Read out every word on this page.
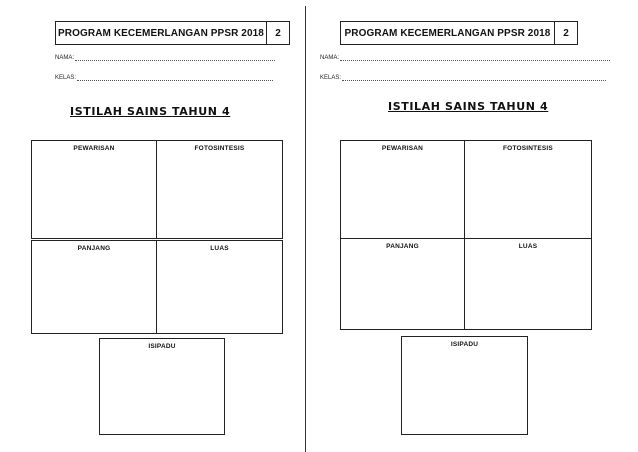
PROGRAM KECEMERLANGAN PPSR 2018	2
NAMA:
KELAS:
ISTILAH SAINS TAHUN 4
PEWARISAN	FOTOSINTESIS
PANJANG	LUAS
ISIPADU
PROGRAM KECEMERLANGAN PPSR 2018	2
NAMA:
KELAS:
ISTILAH SAINS TAHUN 4
PEWARISAN	FOTOSINTESIS
PANJANG	LUAS
ISIPADU
